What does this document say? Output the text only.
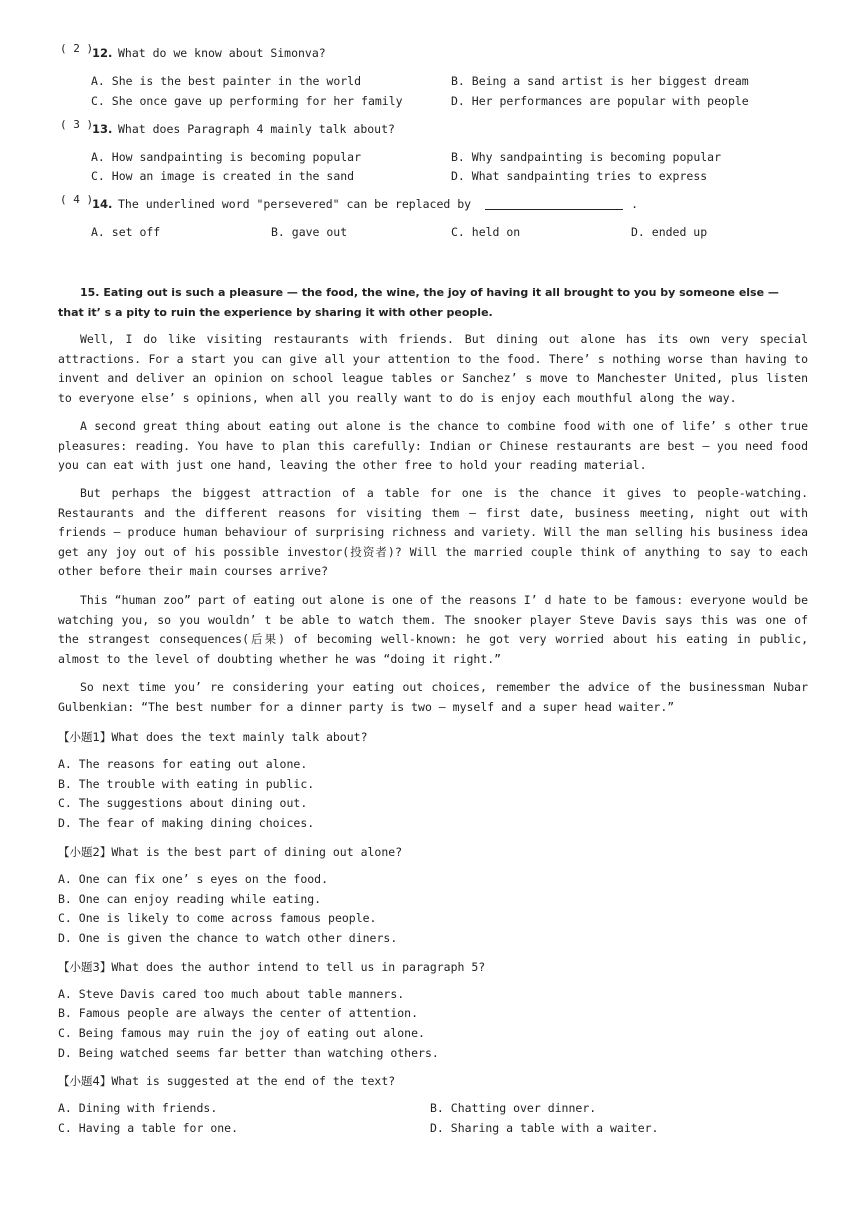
( 2 )
12. What do we know about Simonva?
A. She is the best painter in the world	B. Being a sand artist is her biggest dream
C. She once gave up performing for her family	D. Her performances are popular with people
( 3 )
13. What does Paragraph 4 mainly talk about?
A. How sandpainting is becoming popular	B. Why sandpainting is becoming popular
C. How an image is created in the sand	D. What sandpainting tries to express
( 4 )
14. The underlined word "persevered" can be replaced by	.
A. set off	B. gave out	C. held on	D. ended up
15. Eating out is such a pleasure — the food, the wine, the joy of having it all brought to you by someone else — that it’ s a pity to ruin the experience by sharing it with other people.
Well, I do like visiting restaurants with friends. But dining out alone has its own very special attractions. For a start you can give all your attention to the food. There’ s nothing worse than having to invent and deliver an opinion on school league tables or Sanchez’ s move to Manchester United, plus listen to everyone else’ s opinions, when all you really want to do is enjoy each mouthful along the way.
A second great thing about eating out alone is the chance to combine food with one of life’ s other true pleasures: reading. You have to plan this carefully: Indian or Chinese restaurants are best — you need food you can eat with just one hand, leaving the other free to hold your reading material.
But perhaps the biggest attraction of a table for one is the chance it gives to people-watching. Restaurants and the different reasons for visiting them — first date, business meeting, night out with friends — produce human behaviour of surprising richness and variety. Will the man selling his business idea get any joy out of his possible investor(投资者)? Will the married couple think of anything to say to each other before their main courses arrive?
This “human zoo” part of eating out alone is one of the reasons I’ d hate to be famous: everyone would be watching you, so you wouldn’ t be able to watch them. The snooker player Steve Davis says this was one of the strangest consequences(后果) of becoming well-known: he got very worried about his eating in public, almost to the level of doubting whether he was “doing it right.”
So next time you’ re considering your eating out choices, remember the advice of the businessman Nubar Gulbenkian: “The best number for a dinner party is two — myself and a super head waiter.”
【小题1】What does the text mainly talk about?
A. The reasons for eating out alone.
B. The trouble with eating in public.
C. The suggestions about dining out.
D. The fear of making dining choices.
【小题2】What is the best part of dining out alone?
A. One can fix one’ s eyes on the food.
B. One can enjoy reading while eating.
C. One is likely to come across famous people.
D. One is given the chance to watch other diners.
【小题3】What does the author intend to tell us in paragraph 5?
A. Steve Davis cared too much about table manners.
B. Famous people are always the center of attention.
C. Being famous may ruin the joy of eating out alone.
D. Being watched seems far better than watching others.
【小题4】What is suggested at the end of the text?
A. Dining with friends.	B. Chatting over dinner.
C. Having a table for one.	D. Sharing a table with a waiter.
